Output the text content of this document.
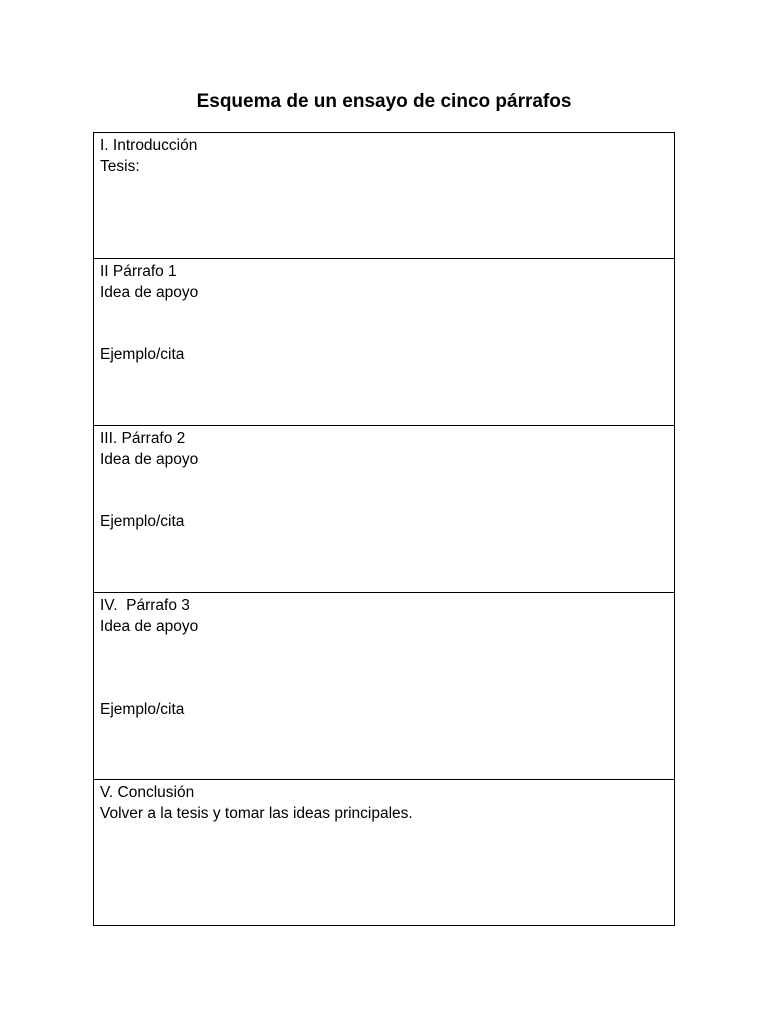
Esquema de un ensayo de cinco párrafos
I. Introducción
Tesis:
II Párrafo 1
Idea de apoyo
Ejemplo/cita
III. Párrafo 2
Idea de apoyo
Ejemplo/cita
IV.  Párrafo 3
Idea de apoyo
Ejemplo/cita
V. Conclusión
Volver a la tesis y tomar las ideas principales.
